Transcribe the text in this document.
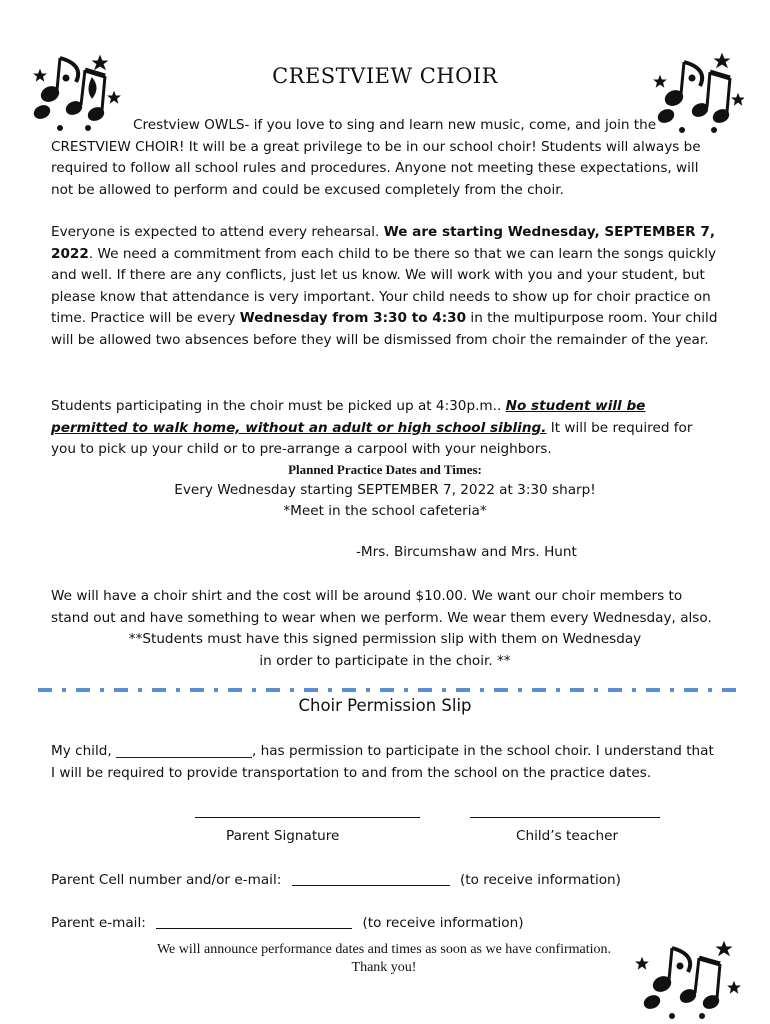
CRESTVIEW CHOIR

Crestview OWLS- if you love to sing and learn new music, come, and join the CRESTVIEW CHOIR! It will be a great privilege to be in our school choir! Students will always be required to follow all school rules and procedures. Anyone not meeting these expectations, will not be allowed to perform and could be excused completely from the choir.

Everyone is expected to attend every rehearsal. We are starting Wednesday, SEPTEMBER 7, 2022. We need a commitment from each child to be there so that we can learn the songs quickly and well. If there are any conflicts, just let us know. We will work with you and your student, but please know that attendance is very important. Your child needs to show up for choir practice on time. Practice will be every Wednesday from 3:30 to 4:30 in the multipurpose room. Your child will be allowed two absences before they will be dismissed from choir the remainder of the year.

Students participating in the choir must be picked up at 4:30p.m.. No student will be permitted to walk home, without an adult or high school sibling. It will be required for you to pick up your child or to pre-arrange a carpool with your neighbors.

Planned Practice Dates and Times:
Every Wednesday starting SEPTEMBER 7, 2022 at 3:30 sharp!
*Meet in the school cafeteria*
-Mrs. Bircumshaw and Mrs. Hunt
We will have a choir shirt and the cost will be around $10.00. We want our choir members to
stand out and have something to wear when we perform. We wear them every Wednesday, also.
**Students must have this signed permission slip with them on Wednesday
in order to participate in the choir. **
Choir Permission Slip

My child, ____________________, has permission to participate in the school choir. I understand that I will be required to provide transportation to and from the school on the practice dates.

Parent Signature	Child’s teacher
Parent Cell number and/or e-mail:	(to receive information)
Parent e-mail:	(to receive information)
We will announce performance dates and times as soon as we have confirmation.
Thank you!
